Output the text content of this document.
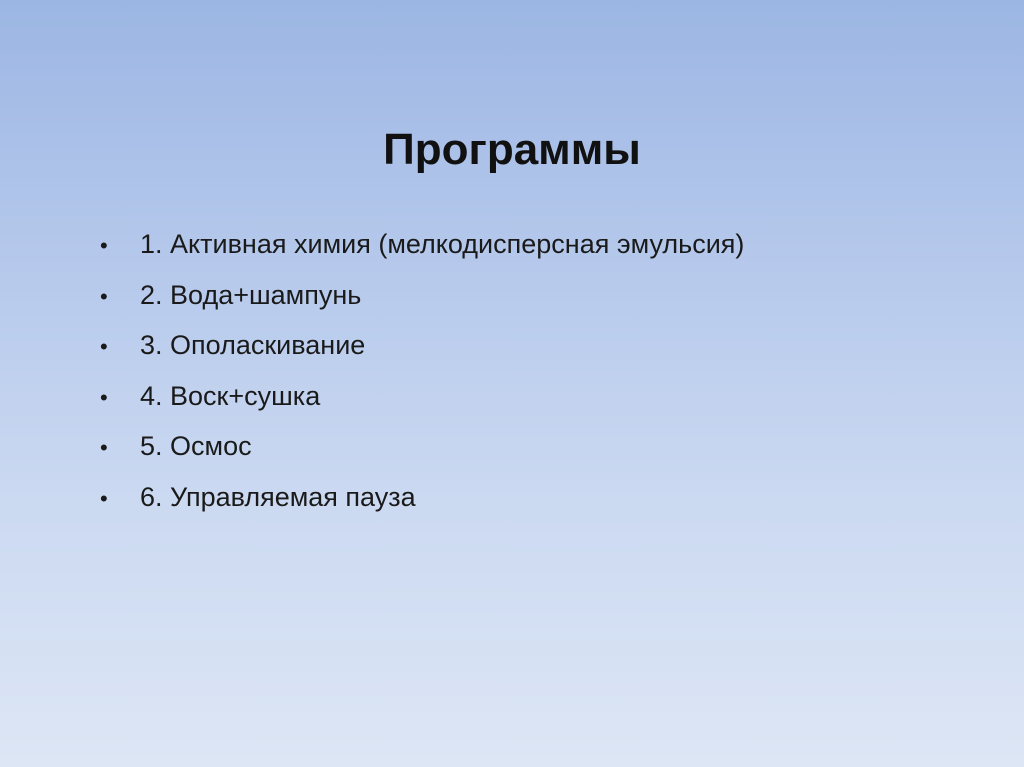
Программы
•	1. Активная химия (мелкодисперсная эмульсия)
•	2. Вода+шампунь
•	3. Ополаскивание
•	4. Воск+сушка
•	5. Осмос
•	6. Управляемая пауза
